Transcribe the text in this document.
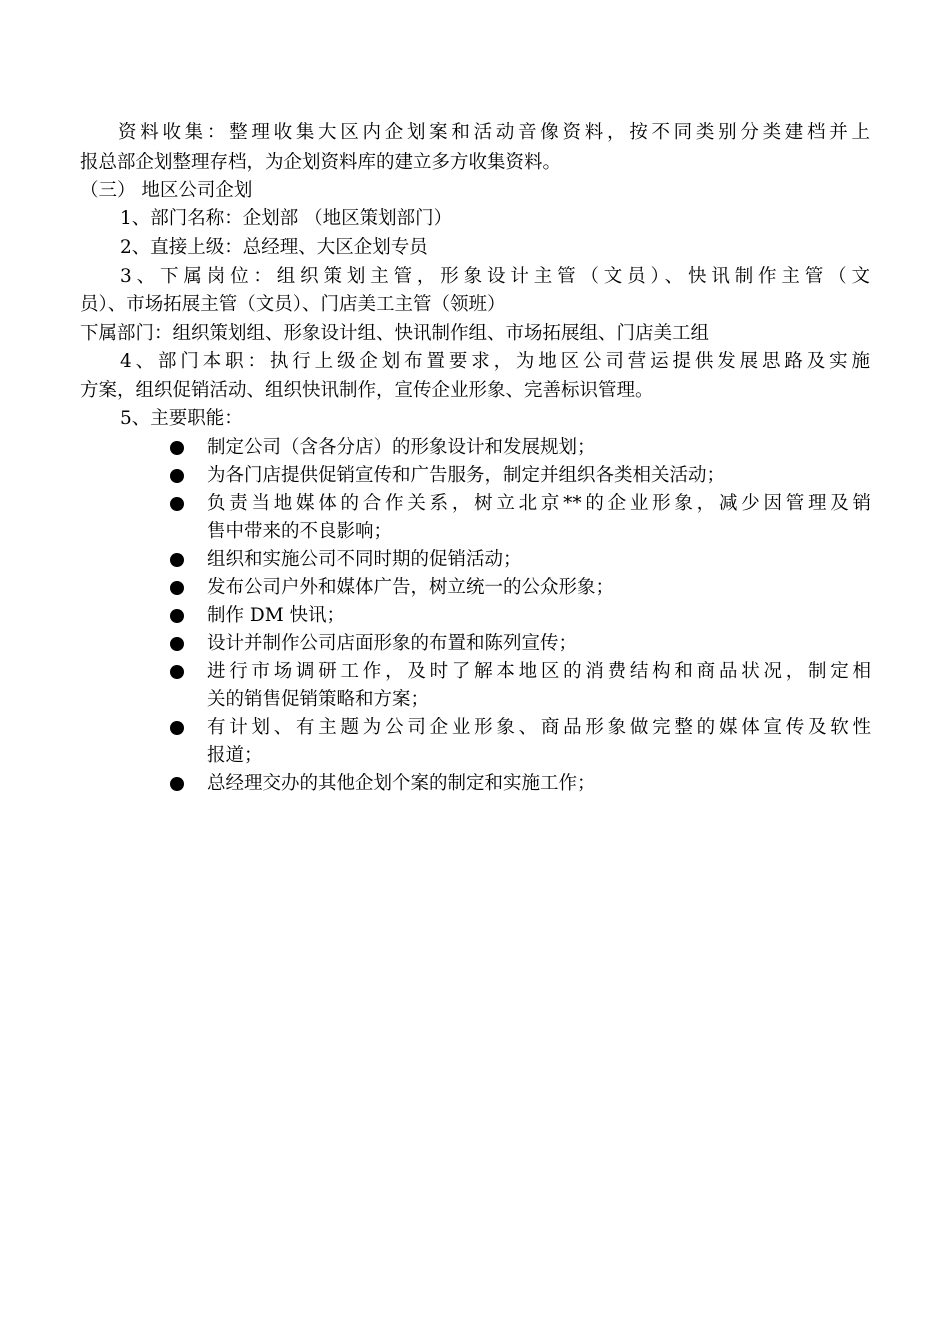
资料收集：整理收集大区内企划案和活动音像资料，按不同类别分类建档并上
报总部企划整理存档，为企划资料库的建立多方收集资料。
（三） 地区公司企划
1、部门名称：企划部 （地区策划部门）
2、直接上级：总经理、大区企划专员
3、下属岗位：组织策划主管，形象设计主管（文员）、快讯制作主管（文
员）、市场拓展主管（文员）、门店美工主管（领班）
下属部门：组织策划组、形象设计组、快讯制作组、市场拓展组、门店美工组
4、部门本职：执行上级企划布置要求，为地区公司营运提供发展思路及实施
方案，组织促销活动、组织快讯制作，宣传企业形象、完善标识管理。
5、主要职能：
制定公司（含各分店）的形象设计和发展规划；
为各门店提供促销宣传和广告服务，制定并组织各类相关活动；
负责当地媒体的合作关系，树立北京**的企业形象，减少因管理及销
售中带来的不良影响；
组织和实施公司不同时期的促销活动；
发布公司户外和媒体广告，树立统一的公众形象；
制作 DM 快讯；
设计并制作公司店面形象的布置和陈列宣传；
进行市场调研工作，及时了解本地区的消费结构和商品状况，制定相
关的销售促销策略和方案；
有计划、有主题为公司企业形象、商品形象做完整的媒体宣传及软性
报道；
总经理交办的其他企划个案的制定和实施工作；
